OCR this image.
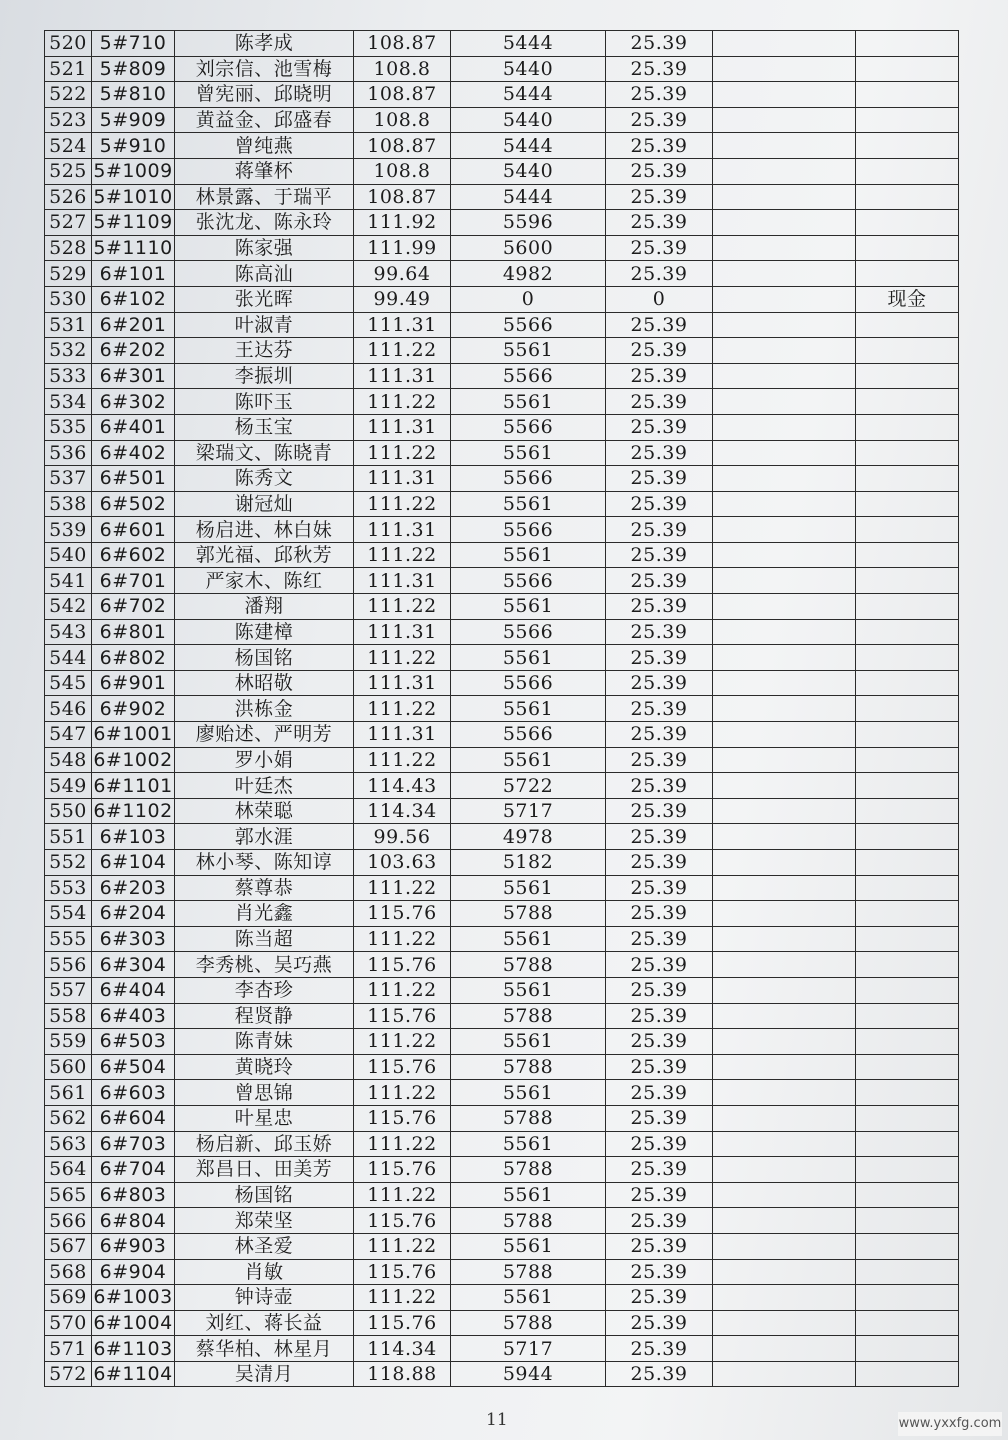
520	5#710	陈孝成	108.87	5444	25.39		
521	5#809	刘宗信、池雪梅	108.8	5440	25.39		
522	5#810	曾宪丽、邱晓明	108.87	5444	25.39		
523	5#909	黄益金、邱盛春	108.8	5440	25.39		
524	5#910	曾纯燕	108.87	5444	25.39		
525	5#1009	蒋肇杯	108.8	5440	25.39		
526	5#1010	林景露、于瑞平	108.87	5444	25.39		
527	5#1109	张沈龙、陈永玲	111.92	5596	25.39		
528	5#1110	陈家强	111.99	5600	25.39		
529	6#101	陈高汕	99.64	4982	25.39		
530	6#102	张光晖	99.49	0	0		现金
531	6#201	叶淑青	111.31	5566	25.39		
532	6#202	王达芬	111.22	5561	25.39		
533	6#301	李振圳	111.31	5566	25.39		
534	6#302	陈吓玉	111.22	5561	25.39		
535	6#401	杨玉宝	111.31	5566	25.39		
536	6#402	梁瑞文、陈晓青	111.22	5561	25.39		
537	6#501	陈秀文	111.31	5566	25.39		
538	6#502	谢冠灿	111.22	5561	25.39		
539	6#601	杨启进、林白妹	111.31	5566	25.39		
540	6#602	郭光福、邱秋芳	111.22	5561	25.39		
541	6#701	严家木、陈红	111.31	5566	25.39		
542	6#702	潘翔	111.22	5561	25.39		
543	6#801	陈建樟	111.31	5566	25.39		
544	6#802	杨国铭	111.22	5561	25.39		
545	6#901	林昭敬	111.31	5566	25.39		
546	6#902	洪栋金	111.22	5561	25.39		
547	6#1001	廖贻述、严明芳	111.31	5566	25.39		
548	6#1002	罗小娟	111.22	5561	25.39		
549	6#1101	叶廷杰	114.43	5722	25.39		
550	6#1102	林荣聪	114.34	5717	25.39		
551	6#103	郭水涯	99.56	4978	25.39		
552	6#104	林小琴、陈知谆	103.63	5182	25.39		
553	6#203	蔡尊恭	111.22	5561	25.39		
554	6#204	肖光鑫	115.76	5788	25.39		
555	6#303	陈当超	111.22	5561	25.39		
556	6#304	李秀桃、吴巧燕	115.76	5788	25.39		
557	6#404	李杏珍	111.22	5561	25.39		
558	6#403	程贤静	115.76	5788	25.39		
559	6#503	陈青妹	111.22	5561	25.39		
560	6#504	黄晓玲	115.76	5788	25.39		
561	6#603	曾思锦	111.22	5561	25.39		
562	6#604	叶星忠	115.76	5788	25.39		
563	6#703	杨启新、邱玉娇	111.22	5561	25.39		
564	6#704	郑昌日、田美芳	115.76	5788	25.39		
565	6#803	杨国铭	111.22	5561	25.39		
566	6#804	郑荣坚	115.76	5788	25.39		
567	6#903	林圣爱	111.22	5561	25.39		
568	6#904	肖敏	115.76	5788	25.39		
569	6#1003	钟诗壶	111.22	5561	25.39		
570	6#1004	刘红、蒋长益	115.76	5788	25.39		
571	6#1103	蔡华柏、林星月	114.34	5717	25.39		
572	6#1104	吴清月	118.88	5944	25.39		
11	www.yxxfg.com
